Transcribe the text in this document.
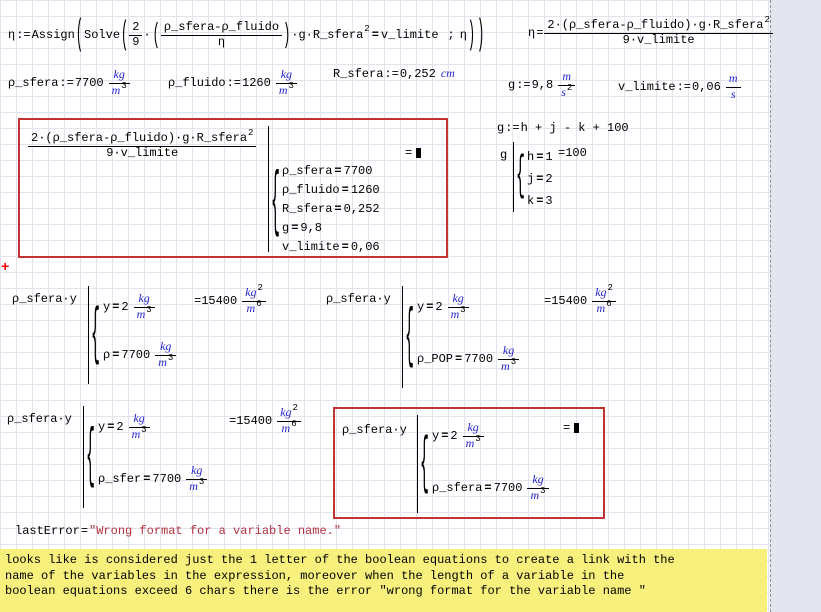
η := Assign ( Solve ( $\frac{2}{9}$ · ( $\frac{\text{ρ\_sfera-ρ\_fluido}}{\eta}$ ) ·g·R_sfera 2 = v_limite ; η ) )	$\eta = \frac{2\cdot(\rho\_sfera-\rho\_fluido)\cdot g\cdot R\_sfera^2}{\text{9·v\_limite}}$
ρ_sfera := $7700 \frac{kg}{m^3}$	ρ_fluido := $1260 \frac{kg}{m^3}$	R_sfera := 0,252 cm
g := $9,8 \frac{m}{s^2}$	v_limite := $0,06 \frac{m}{s}$
$\frac{2\cdot(\rho\_sfera-\rho\_fluido)\cdot g\cdot R\_sfera^2}{\text{9·v\_limite}}$
{ ρ_sfera = 7700
ρ_fluido = 1260
R_sfera = 0,252
g = 9,8
v_limite = 0,06
=
g := h + j - k + 100
g { h = 1
j = 2
k = 3
= 100
+
ρ_sfera·y
{ $y = 2 \frac{kg}{m^3}$
$\rho = 7700 \frac{kg}{m^3}$
= $15400 \frac{kg^2}{m^6}$	ρ_sfera·y
{ $y = 2 \frac{kg}{m^3}$
ρ_POP = $7700 \frac{kg}{m^3}$
= $15400 \frac{kg^2}{m^6}$
ρ_sfera·y
{ $y = 2 \frac{kg}{m^3}$
ρ_sfer = $7700 \frac{kg}{m^3}$
= $15400 \frac{kg^2}{m^6}$	ρ_sfera·y
{ $y = 2 \frac{kg}{m^3}$
ρ_sfera = $7700 \frac{kg}{m^3}$
=
lastError = "Wrong format for a variable name."
looks like is considered just the 1 letter of the boolean equations to create a link with the
name of the variables in the expression, moreover when the length of a variable in the
boolean equations exceed 6 chars there is the error "wrong format for the variable name "
